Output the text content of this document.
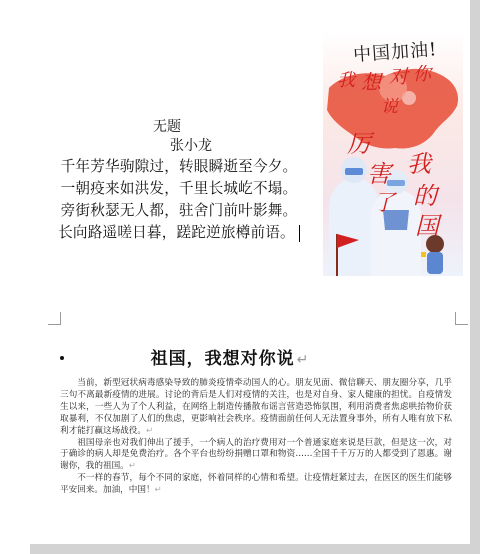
无题
张小龙
千年芳华驹隙过，转眼瞬逝至今夕。
一朝疫来如洪发，千里长城屹不塌。
旁街秋瑟无人都，驻舍门前叶影舞。
长向路遥嗟日暮，蹉跎逆旅樽前语。
中国加油!
我 想 对 你
说
厉
害
了
我
的
国
祖国，我想对你说 ↵

当前，新型冠状病毒感染导致的肺炎疫情牵动国人的心。朋友见面、微信聊天、朋友圈分享，几乎三句不离最新疫情的进展。讨论的背后是人们对疫情的关注，也是对自身、家人健康的担忧。自疫情发生以来，一些人为了个人利益，在网络上制造传播散布谣言营造恐怖氛围，利用消费者焦虑哄抬物价获取暴利，不仅加剧了人们的焦虑，更影响社会秩序。疫情面前任何人无法置身事外，所有人唯有放下私利才能打赢这场战役。↵

祖国母亲也对我们伸出了援手，一个病人的治疗费用对一个普通家庭来说是巨款，但是这一次，对于确诊的病人却是免费治疗。各个平台也纷纷捐赠口罩和物资……全国千千万万的人都受到了恩惠。谢谢你，我的祖国。↵

不一样的春节，每个不同的家庭，怀着同样的心情和希望。让疫情赶紧过去，在医区的医生们能够平安回来。加油，中国！↵
